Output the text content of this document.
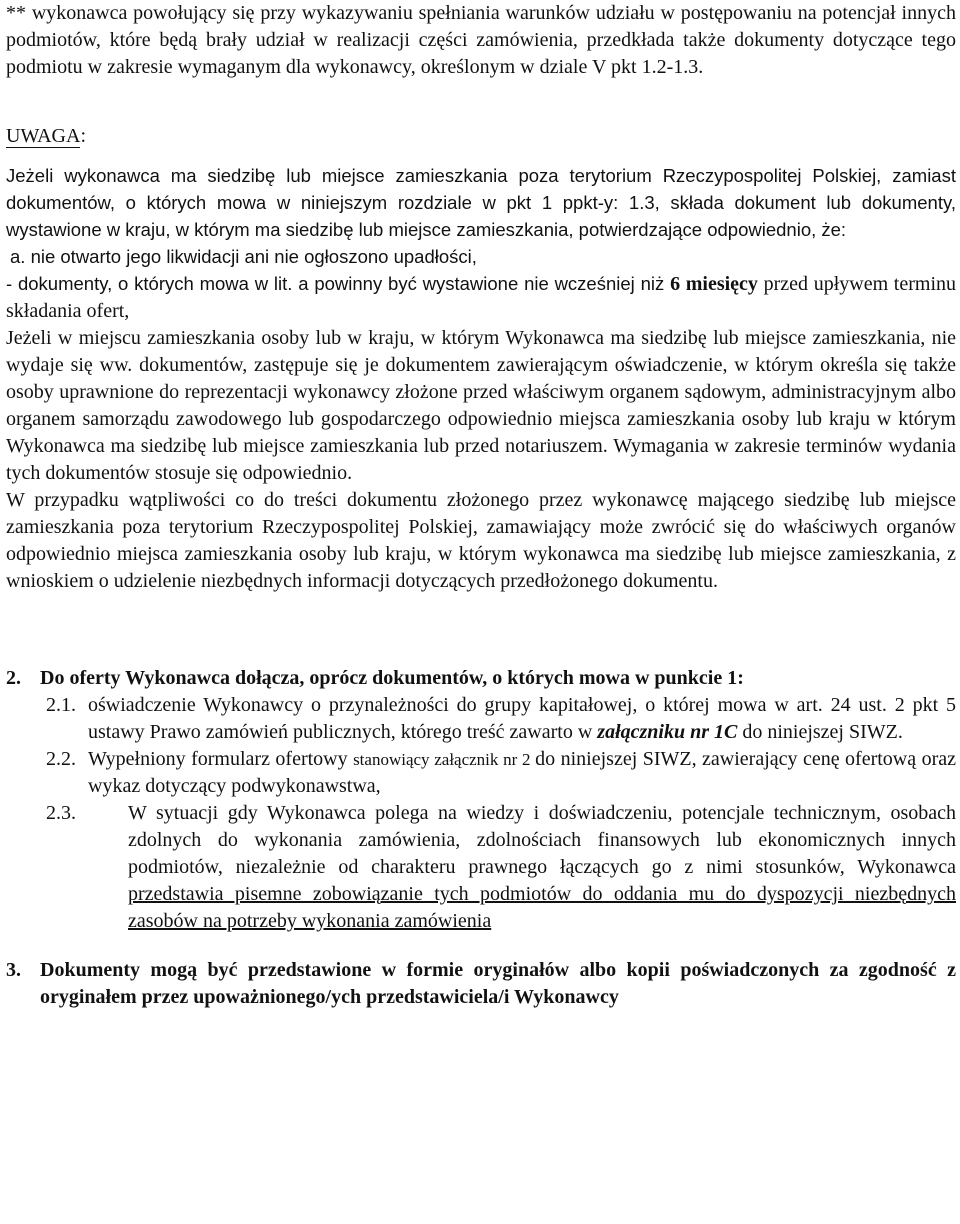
** wykonawca powołujący się przy wykazywaniu spełniania warunków udziału w postępowaniu na potencjał innych podmiotów, które będą brały udział w realizacji części zamówienia, przedkłada także dokumenty dotyczące tego podmiotu w zakresie wymaganym dla wykonawcy, określonym w dziale V pkt 1.2-1.3.

UWAGA:

Jeżeli wykonawca ma siedzibę lub miejsce zamieszkania poza terytorium Rzeczypospolitej Polskiej, zamiast dokumentów, o których mowa w niniejszym rozdziale w pkt 1 ppkt-y: 1.3, składa dokument lub dokumenty, wystawione w kraju, w którym ma siedzibę lub miejsce zamieszkania, potwierdzające odpowiednio, że:

a. nie otwarto jego likwidacji ani nie ogłoszono upadłości,

- dokumenty, o których mowa w lit. a powinny być wystawione nie wcześniej niż 6 miesięcy przed upływem terminu składania ofert,

Jeżeli w miejscu zamieszkania osoby lub w kraju, w którym Wykonawca ma siedzibę lub miejsce zamieszkania, nie wydaje się ww. dokumentów, zastępuje się je dokumentem zawierającym oświadczenie, w którym określa się także osoby uprawnione do reprezentacji wykonawcy złożone przed właściwym organem sądowym, administracyjnym albo organem samorządu zawodowego lub gospodarczego odpowiednio miejsca zamieszkania osoby lub kraju w którym Wykonawca ma siedzibę lub miejsce zamieszkania lub przed notariuszem. Wymagania w zakresie terminów wydania tych dokumentów stosuje się odpowiednio.

W przypadku wątpliwości co do treści dokumentu złożonego przez wykonawcę mającego siedzibę lub miejsce zamieszkania poza terytorium Rzeczypospolitej Polskiej, zamawiający może zwrócić się do właściwych organów odpowiednio miejsca zamieszkania osoby lub kraju, w którym wykonawca ma siedzibę lub miejsce zamieszkania, z wnioskiem o udzielenie niezbędnych informacji dotyczących przedłożonego dokumentu.

2. Do oferty Wykonawca dołącza, oprócz dokumentów, o których mowa w punkcie 1:
2.1. oświadczenie Wykonawcy o przynależności do grupy kapitałowej, o której mowa w art. 24 ust. 2 pkt 5 ustawy Prawo zamówień publicznych, którego treść zawarto w załączniku nr 1C do niniejszej SIWZ.
2.2. Wypełniony formularz ofertowy stanowiący załącznik nr 2 do niniejszej SIWZ, zawierający cenę ofertową oraz wykaz dotyczący podwykonawstwa,
2.3.	W sytuacji gdy Wykonawca polega na wiedzy i doświadczeniu, potencjale technicznym, osobach zdolnych do wykonania zamówienia, zdolnościach finansowych lub ekonomicznych innych podmiotów, niezależnie od charakteru prawnego łączących go z nimi stosunków, Wykonawca przedstawia pisemne zobowiązanie tych podmiotów do oddania mu do dyspozycji niezbędnych zasobów na potrzeby wykonania zamówienia
3. Dokumenty mogą być przedstawione w formie oryginałów albo kopii poświadczonych za zgodność z oryginałem przez upoważnionego/ych przedstawiciela/i Wykonawcy
